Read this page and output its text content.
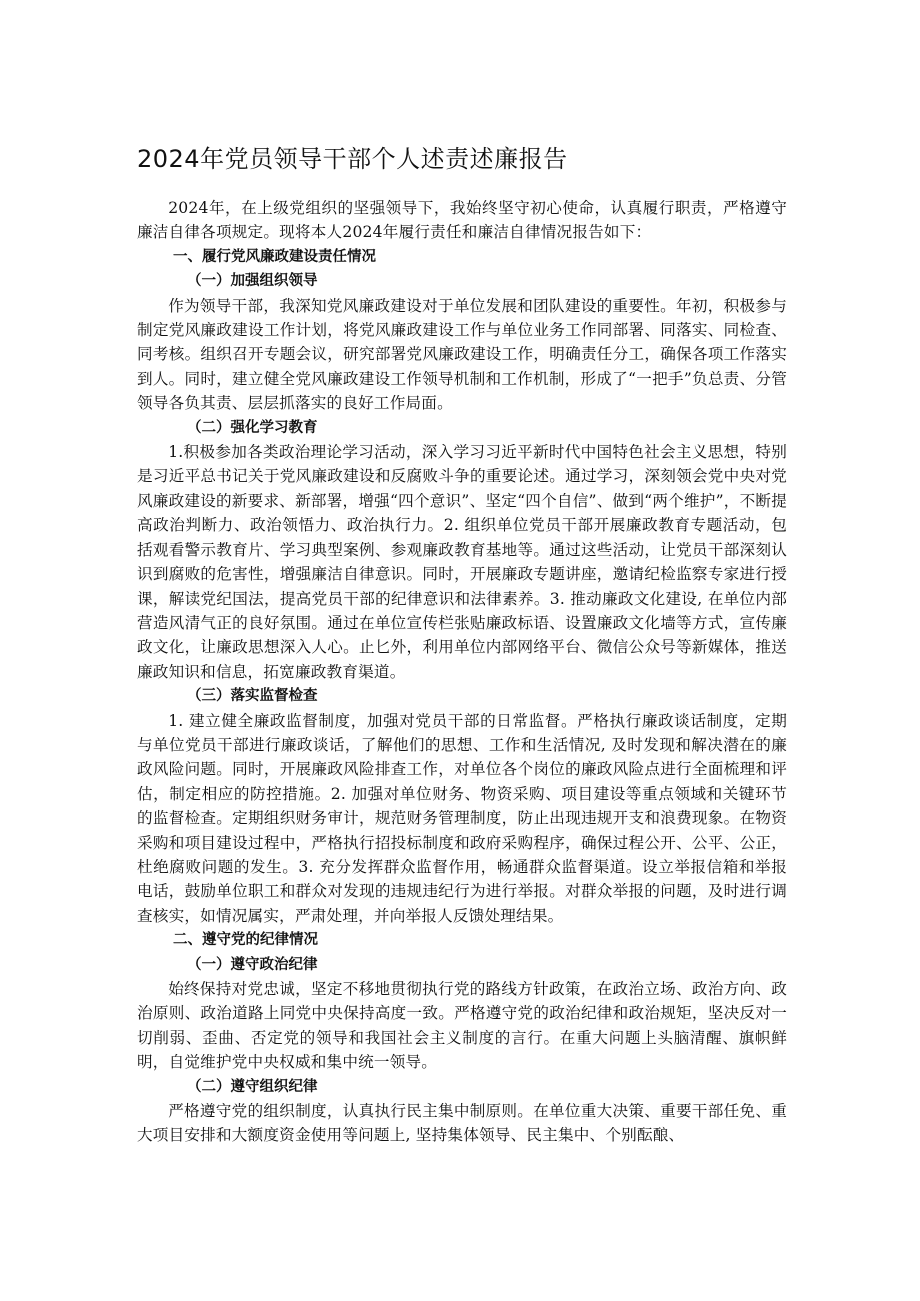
2024年党员领导干部个人述责述廉报告

2024年，在上级党组织的坚强领导下，我始终坚守初心使命，认真履行职责，严格遵守廉洁自律各项规定。现将本人2024年履行责任和廉洁自律情况报告如下：

一、履行党风廉政建设责任情况

（一）加强组织领导

作为领导干部，我深知党风廉政建设对于单位发展和团队建设的重要性。年初，积极参与制定党风廉政建设工作计划，将党风廉政建设工作与单位业务工作同部署、同落实、同检查、同考核。组织召开专题会议，研究部署党风廉政建设工作，明确责任分工，确保各项工作落实到人。同时，建立健全党风廉政建设工作领导机制和工作机制，形成了“一把手”负总责、分管领导各负其责、层层抓落实的良好工作局面。

（二）强化学习教育

1.积极参加各类政治理论学习活动，深入学习习近平新时代中国特色社会主义思想，特别是习近平总书记关于党风廉政建设和反腐败斗争的重要论述。通过学习，深刻领会党中央对党风廉政建设的新要求、新部署，增强“四个意识”、坚定“四个自信”、做到“两个维护”，不断提高政治判断力、政治领悟力、政治执行力。2. 组织单位党员干部开展廉政教育专题活动，包括观看警示教育片、学习典型案例、参观廉政教育基地等。通过这些活动，让党员干部深刻认识到腐败的危害性，增强廉洁自律意识。同时，开展廉政专题讲座，邀请纪检监察专家进行授课，解读党纪国法，提高党员干部的纪律意识和法律素养。3. 推动廉政文化建设, 在单位内部营造风清气正的良好氛围。通过在单位宣传栏张贴廉政标语、设置廉政文化墙等方式，宣传廉政文化，让廉政思想深入人心。止匕外，利用单位内部网络平台、微信公众号等新媒体，推送廉政知识和信息，拓宽廉政教育渠道。

（三）落实监督检查

1. 建立健全廉政监督制度，加强对党员干部的日常监督。严格执行廉政谈话制度，定期与单位党员干部进行廉政谈话，了解他们的思想、工作和生活情况, 及时发现和解决潜在的廉政风险问题。同时，开展廉政风险排查工作，对单位各个岗位的廉政风险点进行全面梳理和评估，制定相应的防控措施。2. 加强对单位财务、物资采购、项目建设等重点领域和关键环节的监督检查。定期组织财务审计，规范财务管理制度，防止出现违规开支和浪费现象。在物资采购和项目建设过程中，严格执行招投标制度和政府采购程序，确保过程公开、公平、公正，杜绝腐败问题的发生。3. 充分发挥群众监督作用，畅通群众监督渠道。设立举报信箱和举报电话，鼓励单位职工和群众对发现的违规违纪行为进行举报。对群众举报的问题，及时进行调查核实，如情况属实，严肃处理，并向举报人反馈处理结果。

二、遵守党的纪律情况

（一）遵守政治纪律

始终保持对党忠诚，坚定不移地贯彻执行党的路线方针政策，在政治立场、政治方向、政治原则、政治道路上同党中央保持高度一致。严格遵守党的政治纪律和政治规矩，坚决反对一切削弱、歪曲、否定党的领导和我国社会主义制度的言行。在重大问题上头脑清醒、旗帜鲜明，自觉维护党中央权威和集中统一领导。

（二）遵守组织纪律

严格遵守党的组织制度，认真执行民主集中制原则。在单位重大决策、重要干部任免、重大项目安排和大额度资金使用等问题上, 坚持集体领导、民主集中、个别酝酿、
